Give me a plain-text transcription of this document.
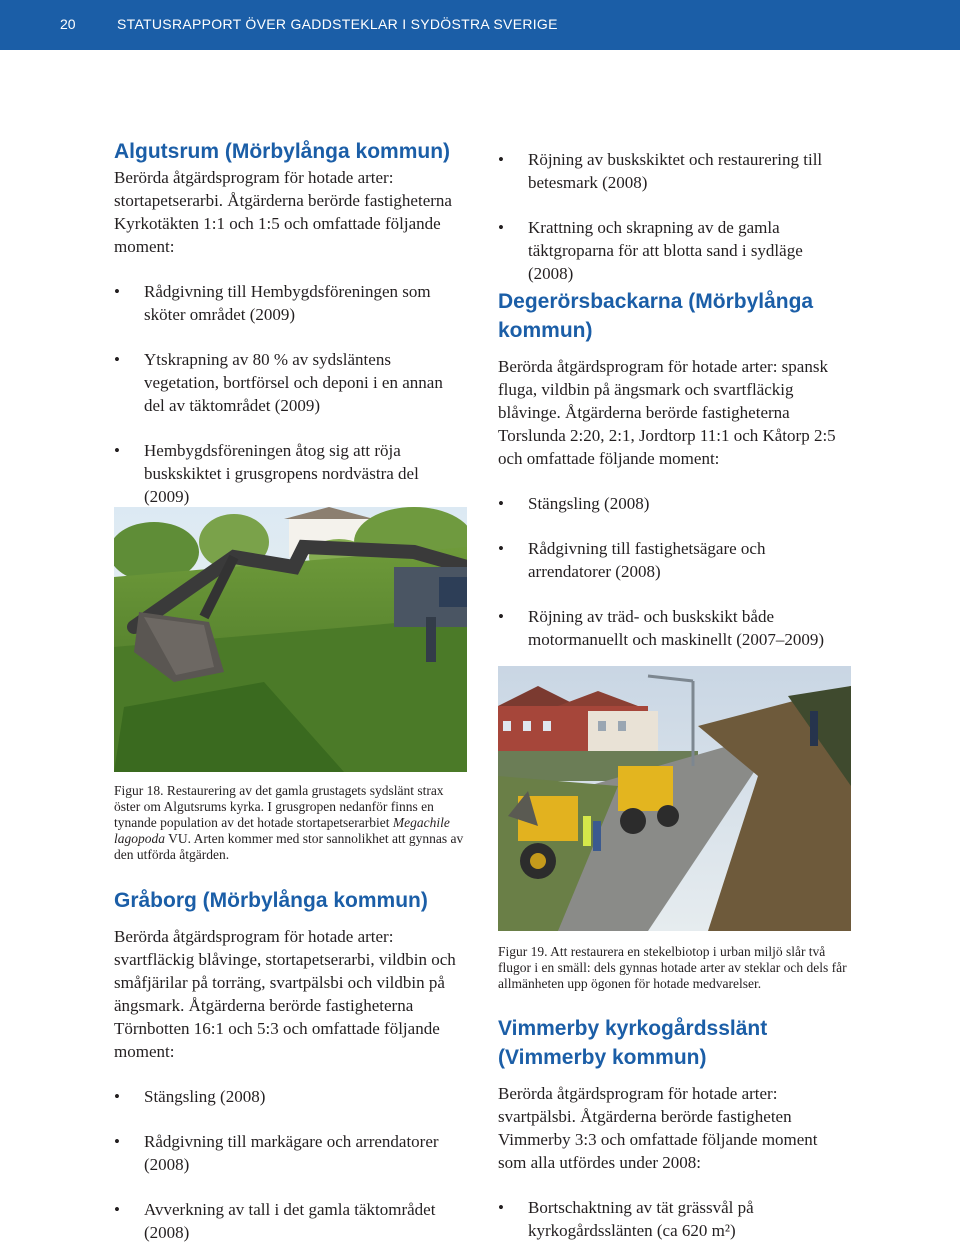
20	STATUSRAPPORT ÖVER GADDSTEKLAR I SYDÖSTRA SVERIGE
Algutsrum (Mörbylånga kommun)

Berörda åtgärdsprogram för hotade arter: stortapetserarbi. Åtgärderna berörde fastigheterna Kyrkotäkten 1:1 och 1:5 och omfattade följande moment:

• Rådgivning till Hembygdsföreningen som sköter området (2009)
• Ytskrapning av 80 % av sydsläntens vegetation, bortförsel och deponi i en annan del av täktområdet (2009)
• Hembygdsföreningen åtog sig att röja buskskiktet i grusgropens nordvästra del (2009)

Figur 18. Restaurering av det gamla grustagets sydslänt strax öster om Algutsrums kyrka. I grusgropen nedanför finns en tynande population av det hotade stortapetserarbiet Megachile lagopoda VU. Arten kommer med stor sannolikhet att gynnas av den utförda åtgärden.

Gråborg (Mörbylånga kommun)

Berörda åtgärdsprogram för hotade arter: svartfläckig blåvinge, stortapetserarbi, vildbin och småfjärilar på torräng, svartpälsbi och vildbin på ängsmark. Åtgärderna berörde fastigheterna Törnbotten 16:1 och 5:3 och omfattade följande moment:

• Stängsling (2008)
• Rådgivning till markägare och arrendatorer (2008)
• Avverkning av tall i det gamla täktområdet (2008)
• Röjning av buskskiktet och restaurering till betesmark (2008)
• Krattning och skrapning av de gamla täktgroparna för att blotta sand i sydläge (2008)
Degerörsbackarna (Mörbylånga kommun)

Berörda åtgärdsprogram för hotade arter: spansk fluga, vildbin på ängsmark och svartfläckig blåvinge. Åtgärderna berörde fastigheterna Torslunda 2:20, 2:1, Jordtorp 11:1 och Kåtorp 2:5 och omfattade följande moment:

• Stängsling (2008)
• Rådgivning till fastighetsägare och arrendatorer (2008)
• Röjning av träd- och buskskikt både motormanuellt och maskinellt (2007–2009)

Figur 19. Att restaurera en stekelbiotop i urban miljö slår två flugor i en smäll: dels gynnas hotade arter av steklar och dels får allmänheten upp ögonen för hotade medvarelser.

Vimmerby kyrkogårdsslänt (Vimmerby kommun)

Berörda åtgärdsprogram för hotade arter: svartpälsbi. Åtgärderna berörde fastigheten Vimmerby 3:3 och omfattade följande moment som alla utfördes under 2008:

• Bortschaktning av tät grässvål på kyrkogårdsslänten (ca 620 m²)
